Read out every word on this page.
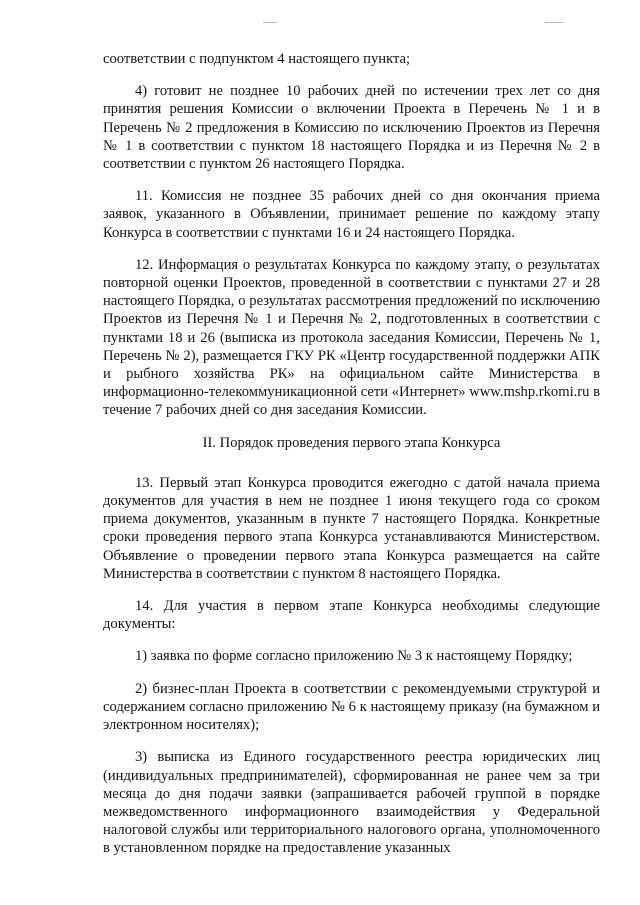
соответствии с подпунктом 4 настоящего пункта;

4) готовит не позднее 10 рабочих дней по истечении трех лет со дня принятия решения Комиссии о включении Проекта в Перечень № 1 и в Перечень № 2 предложения в Комиссию по исключению Проектов из Перечня № 1 в соответствии с пунктом 18 настоящего Порядка и из Перечня № 2 в соответствии с пунктом 26 настоящего Порядка.

11. Комиссия не позднее 35 рабочих дней со дня окончания приема заявок, указанного в Объявлении, принимает решение по каждому этапу Конкурса в соответствии с пунктами 16 и 24 настоящего Порядка.

12. Информация о результатах Конкурса по каждому этапу, о результатах повторной оценки Проектов, проведенной в соответствии с пунктами 27 и 28 настоящего Порядка, о результатах рассмотрения предложений по исключению Проектов из Перечня № 1 и Перечня № 2, подготовленных в соответствии с пунктами 18 и 26 (выписка из протокола заседания Комиссии, Перечень № 1, Перечень № 2), размещается ГКУ РК «Центр государственной поддержки АПК и рыбного хозяйства РК» на официальном сайте Министерства в информационно-телекоммуникационной сети «Интернет» www.mshp.rkomi.ru в течение 7 рабочих дней со дня заседания Комиссии.

II. Порядок проведения первого этапа Конкурса

13. Первый этап Конкурса проводится ежегодно с датой начала приема документов для участия в нем не позднее 1 июня текущего года со сроком приема документов, указанным в пункте 7 настоящего Порядка. Конкретные сроки проведения первого этапа Конкурса устанавливаются Министерством. Объявление о проведении первого этапа Конкурса размещается на сайте Министерства в соответствии с пунктом 8 настоящего Порядка.

14. Для участия в первом этапе Конкурса необходимы следующие документы:

1) заявка по форме согласно приложению № 3 к настоящему Порядку;

2) бизнес-план Проекта в соответствии с рекомендуемыми структурой и содержанием согласно приложению № 6 к настоящему приказу (на бумажном и электронном носителях);

3) выписка из Единого государственного реестра юридических лиц (индивидуальных предпринимателей), сформированная не ранее чем за три месяца до дня подачи заявки (запрашивается рабочей группой в порядке межведомственного информационного взаимодействия у Федеральной налоговой службы или территориального налогового органа, уполномоченного в установленном порядке на предоставление указанных
